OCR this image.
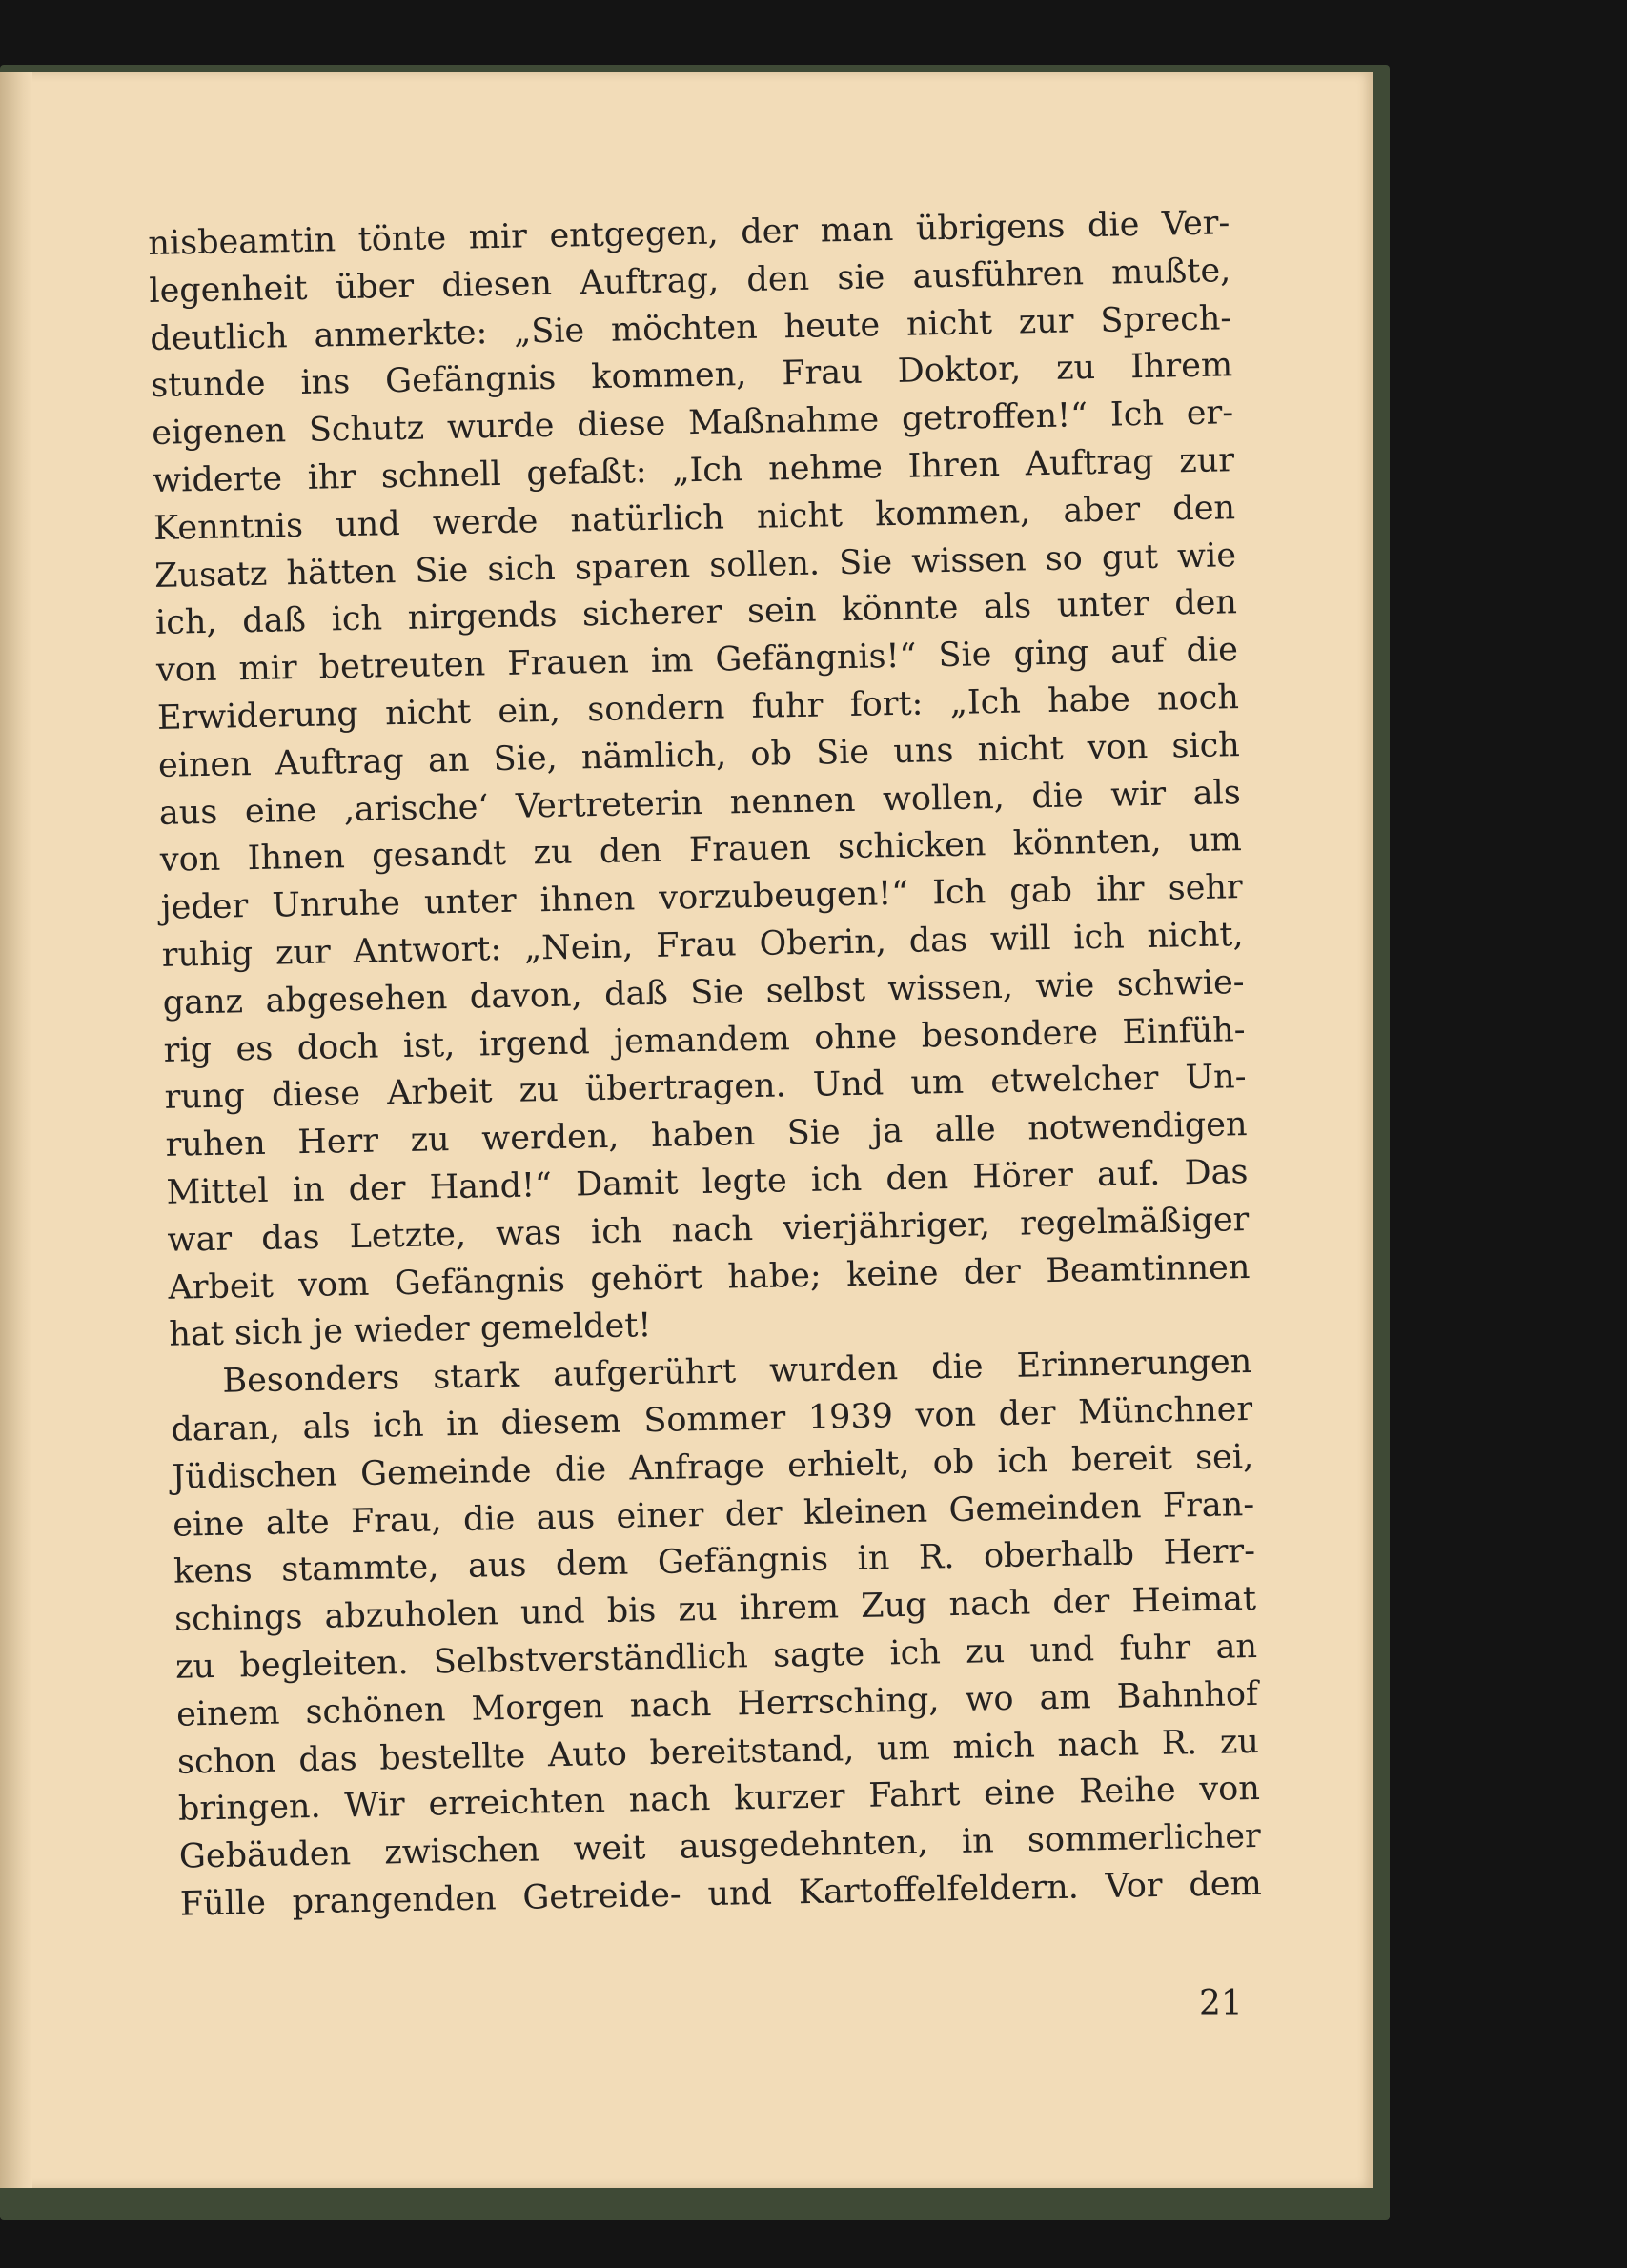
nisbeamtin tönte mir entgegen, der man übrigens die Ver-
legenheit über diesen Auftrag, den sie ausführen mußte,
deutlich anmerkte: „Sie möchten heute nicht zur Sprech-
stunde ins Gefängnis kommen, Frau Doktor, zu Ihrem
eigenen Schutz wurde diese Maßnahme getroffen!“ Ich er-
widerte ihr schnell gefaßt: „Ich nehme Ihren Auftrag zur
Kenntnis und werde natürlich nicht kommen, aber den
Zusatz hätten Sie sich sparen sollen. Sie wissen so gut wie
ich, daß ich nirgends sicherer sein könnte als unter den
von mir betreuten Frauen im Gefängnis!“ Sie ging auf die
Erwiderung nicht ein, sondern fuhr fort: „Ich habe noch
einen Auftrag an Sie, nämlich, ob Sie uns nicht von sich
aus eine ‚arische‘ Vertreterin nennen wollen, die wir als
von Ihnen gesandt zu den Frauen schicken könnten, um
jeder Unruhe unter ihnen vorzubeugen!“ Ich gab ihr sehr
ruhig zur Antwort: „Nein, Frau Oberin, das will ich nicht,
ganz abgesehen davon, daß Sie selbst wissen, wie schwie-
rig es doch ist, irgend jemandem ohne besondere Einfüh-
rung diese Arbeit zu übertragen. Und um etwelcher Un-
ruhen Herr zu werden, haben Sie ja alle notwendigen
Mittel in der Hand!“ Damit legte ich den Hörer auf. Das
war das Letzte, was ich nach vierjähriger, regelmäßiger
Arbeit vom Gefängnis gehört habe; keine der Beamtinnen
hat sich je wieder gemeldet!
Besonders stark aufgerührt wurden die Erinnerungen
daran, als ich in diesem Sommer 1939 von der Münchner
Jüdischen Gemeinde die Anfrage erhielt, ob ich bereit sei,
eine alte Frau, die aus einer der kleinen Gemeinden Fran-
kens stammte, aus dem Gefängnis in R. oberhalb Herr-
schings abzuholen und bis zu ihrem Zug nach der Heimat
zu begleiten. Selbstverständlich sagte ich zu und fuhr an
einem schönen Morgen nach Herrsching, wo am Bahnhof
schon das bestellte Auto bereitstand, um mich nach R. zu
bringen. Wir erreichten nach kurzer Fahrt eine Reihe von
Gebäuden zwischen weit ausgedehnten, in sommerlicher
Fülle prangenden Getreide- und Kartoffelfeldern. Vor dem
21
